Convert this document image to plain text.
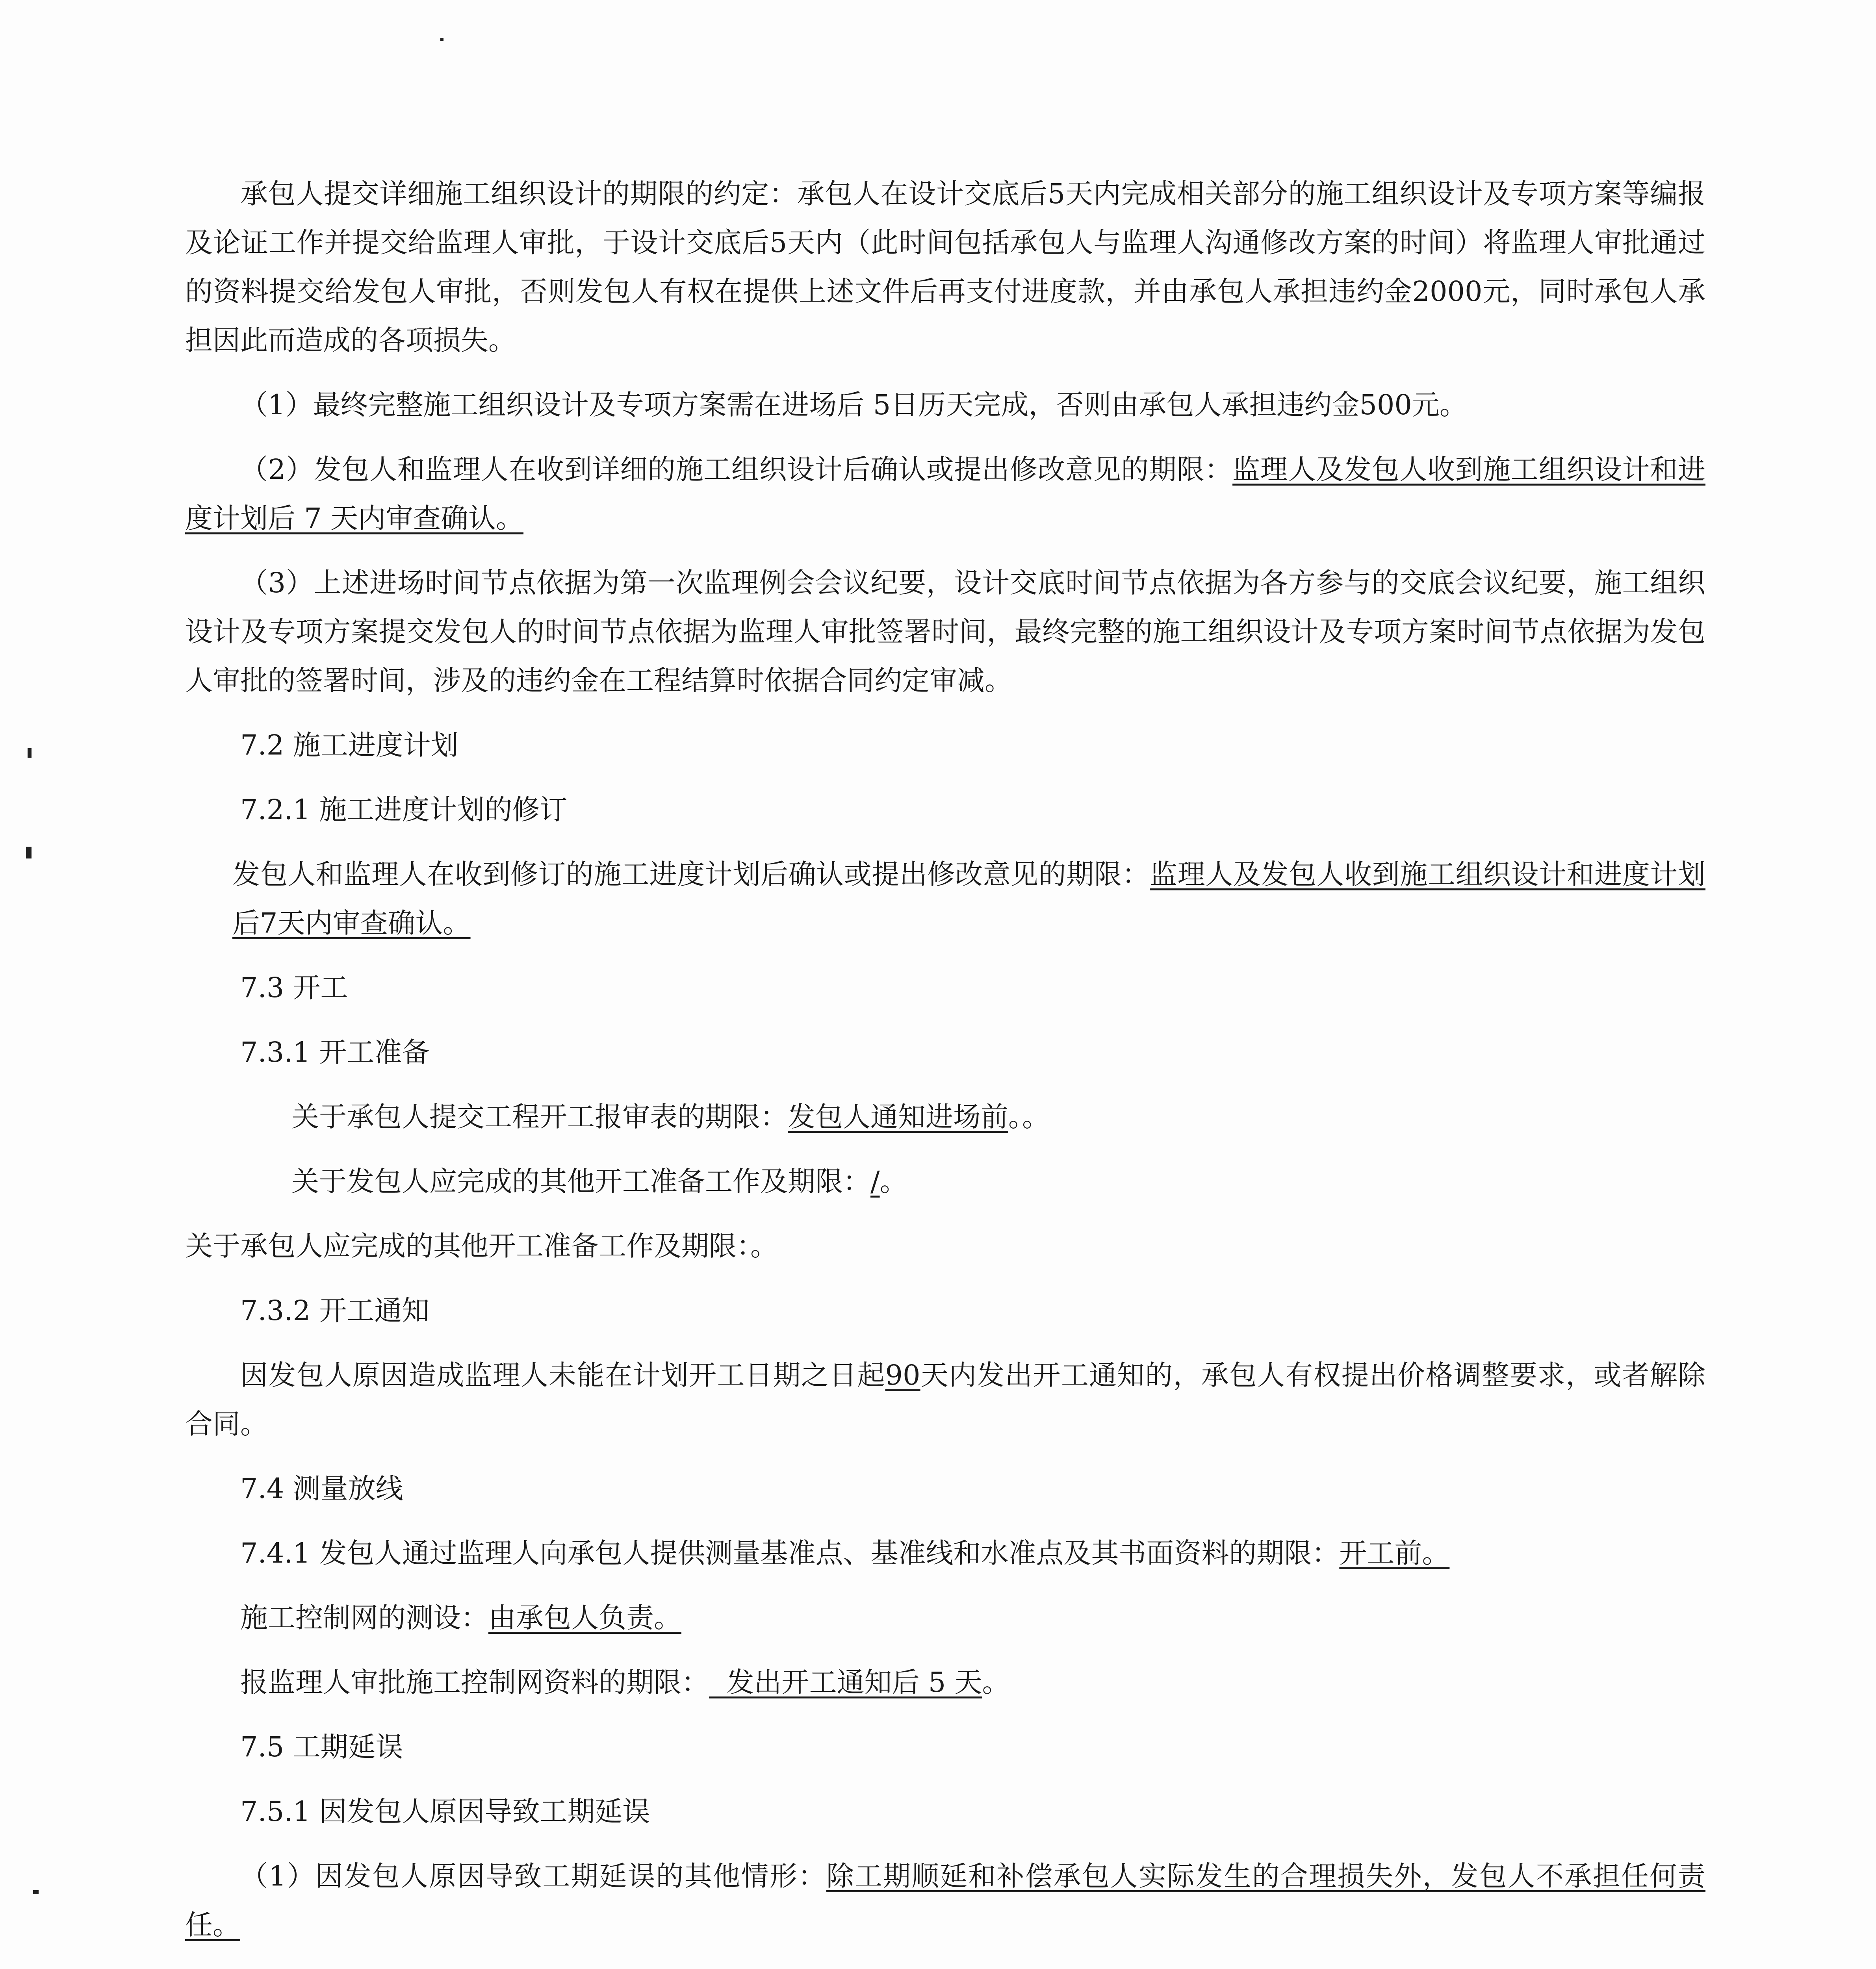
承包人提交详细施工组织设计的期限的约定：承包人在设计交底后5天内完成相关部分的施工组织设计及专项方案等编报及论证工作并提交给监理人审批，于设计交底后5天内（此时间包括承包人与监理人沟通修改方案的时间）将监理人审批通过的资料提交给发包人审批，否则发包人有权在提供上述文件后再支付进度款，并由承包人承担违约金2000元，同时承包人承担因此而造成的各项损失。

（1）最终完整施工组织设计及专项方案需在进场后 5日历天完成，否则由承包人承担违约金500元。

（2）发包人和监理人在收到详细的施工组织设计后确认或提出修改意见的期限：监理人及发包人收到施工组织设计和进度计划后 7 天内审查确认。

（3）上述进场时间节点依据为第一次监理例会会议纪要，设计交底时间节点依据为各方参与的交底会议纪要，施工组织设计及专项方案提交发包人的时间节点依据为监理人审批签署时间，最终完整的施工组织设计及专项方案时间节点依据为发包人审批的签署时间，涉及的违约金在工程结算时依据合同约定审减。

7.2 施工进度计划

7.2.1 施工进度计划的修订

发包人和监理人在收到修订的施工进度计划后确认或提出修改意见的期限：监理人及发包人收到施工组织设计和进度计划后7天内审查确认。

7.3 开工

7.3.1 开工准备

关于承包人提交工程开工报审表的期限：发包人通知进场前。。

关于发包人应完成的其他开工准备工作及期限：/。

关于承包人应完成的其他开工准备工作及期限：。

7.3.2 开工通知

因发包人原因造成监理人未能在计划开工日期之日起90天内发出开工通知的，承包人有权提出价格调整要求，或者解除合同。

7.4 测量放线

7.4.1 发包人通过监理人向承包人提供测量基准点、基准线和水准点及其书面资料的期限：开工前。

施工控制网的测设：由承包人负责。

报监理人审批施工控制网资料的期限：  发出开工通知后 5 天。

7.5 工期延误

7.5.1 因发包人原因导致工期延误

（1）因发包人原因导致工期延误的其他情形：除工期顺延和补偿承包人实际发生的合理损失外，发包人不承担任何责任。
